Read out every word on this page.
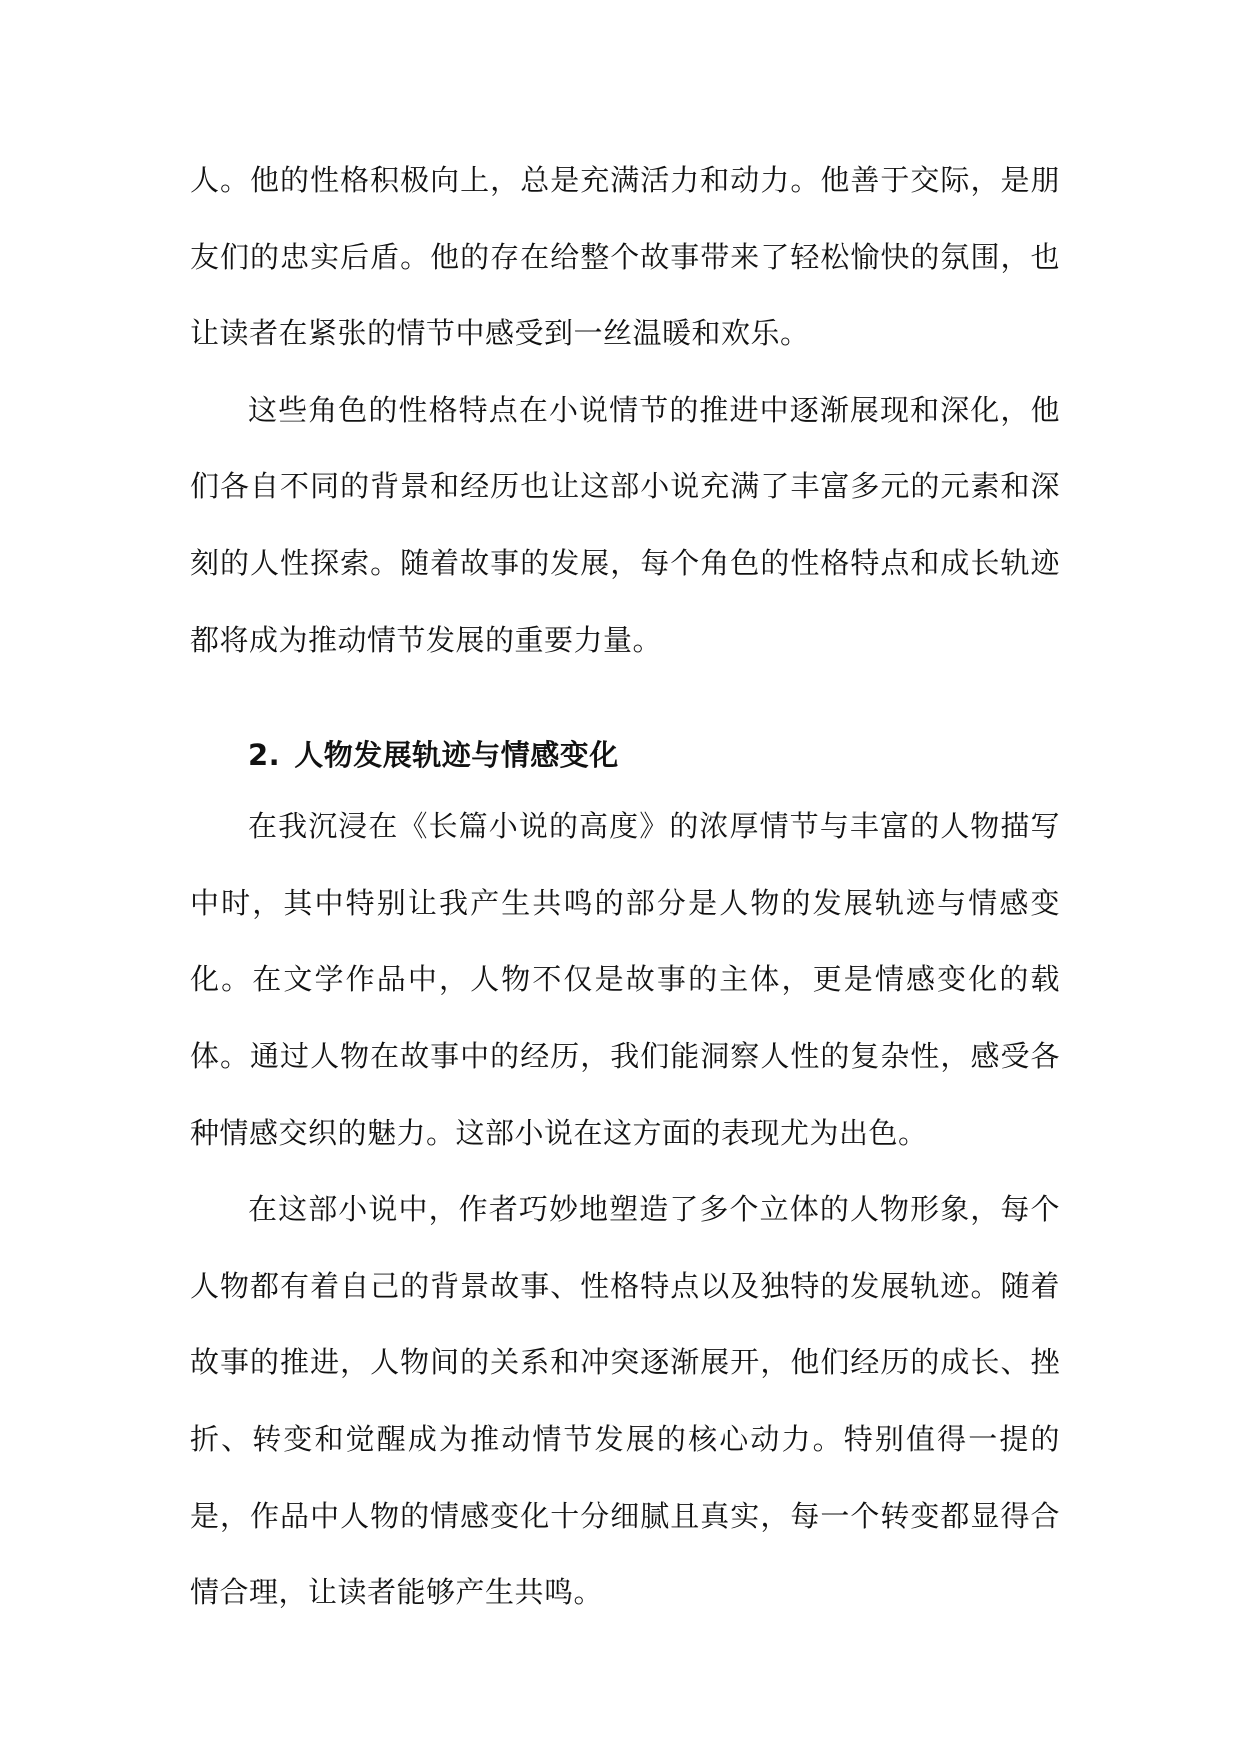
人。他的性格积极向上，总是充满活力和动力。他善于交际，是朋友们的忠实后盾。他的存在给整个故事带来了轻松愉快的氛围，也让读者在紧张的情节中感受到一丝温暖和欢乐。

这些角色的性格特点在小说情节的推进中逐渐展现和深化，他们各自不同的背景和经历也让这部小说充满了丰富多元的元素和深刻的人性探索。随着故事的发展，每个角色的性格特点和成长轨迹都将成为推动情节发展的重要力量。

2. 人物发展轨迹与情感变化

在我沉浸在《长篇小说的高度》的浓厚情节与丰富的人物描写中时，其中特别让我产生共鸣的部分是人物的发展轨迹与情感变化。在文学作品中，人物不仅是故事的主体，更是情感变化的载体。通过人物在故事中的经历，我们能洞察人性的复杂性，感受各种情感交织的魅力。这部小说在这方面的表现尤为出色。

在这部小说中，作者巧妙地塑造了多个立体的人物形象，每个人物都有着自己的背景故事、性格特点以及独特的发展轨迹。随着故事的推进，人物间的关系和冲突逐渐展开，他们经历的成长、挫折、转变和觉醒成为推动情节发展的核心动力。特别值得一提的是，作品中人物的情感变化十分细腻且真实，每一个转变都显得合情合理，让读者能够产生共鸣。
